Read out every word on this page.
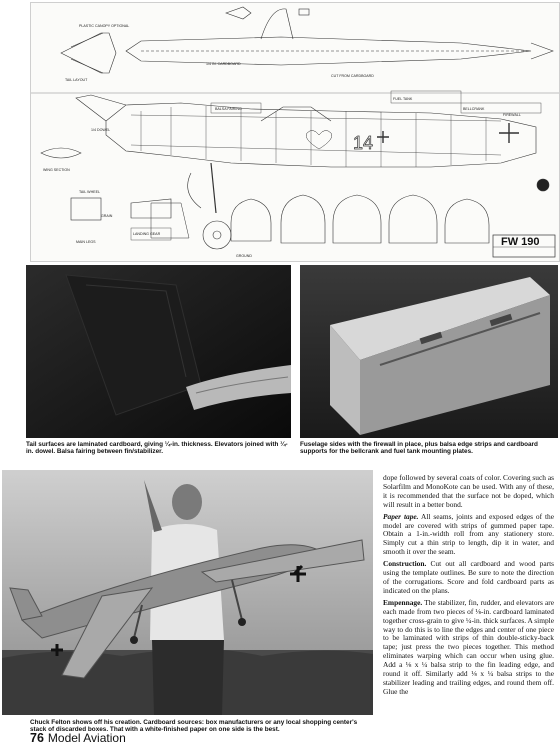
PLASTIC CANOPY OPTIONAL
1/4 IN. CARDBOARD
TAIL LAYOUT
WING SECTION
MAIN LEGS
TAIL WHEEL
FIREWALL
FUEL TANK
CUT FROM CARDBOARD
BALSA FAIRING	BELLCRANK
GROUND
1/4 DOWEL
LANDING GEAR
GRAIN
14
FW 190
Tail surfaces are laminated cardboard, giving ¼-in. thickness. Elevators joined with ¼-in. dowel. Balsa fairing between fin/stabilizer.
Fuselage sides with the firewall in place, plus balsa edge strips and cardboard supports for the bellcrank and fuel tank mounting plates.
Chuck Felton shows off his creation. Cardboard sources: box manufacturers or any local shopping center's stack of discarded boxes. That with a white-finished paper on one side is the best.

dope followed by several coats of color. Covering such as Solarfilm and MonoKote can be used. With any of these, it is recommended that the surface not be doped, which will result in a better bond.

Paper tape. All seams, joints and exposed edges of the model are covered with strips of gummed paper tape. Obtain a 1-in.-width roll from any stationery store. Simply cut a thin strip to length, dip it in water, and smooth it over the seam.

Construction. Cut out all cardboard and wood parts using the template outlines. Be sure to note the direction of the corrugations. Score and fold cardboard parts as indicated on the plans.

Empennage. The stabilizer, fin, rudder, and elevators are each made from two pieces of ⅛-in. cardboard laminated together cross-grain to give ¼-in. thick surfaces. A simple way to do this is to line the edges and center of one piece to be laminated with strips of thin double-sticky-back tape; just press the two pieces together. This method eliminates warping which can occur when using glue. Add a ⅛ x ¼ balsa strip to the fin leading edge, and round it off. Similarly add ⅛ x ¼ balsa strips to the stabilizer leading and trailing edges, and round them off. Glue the

76 Model Aviation
